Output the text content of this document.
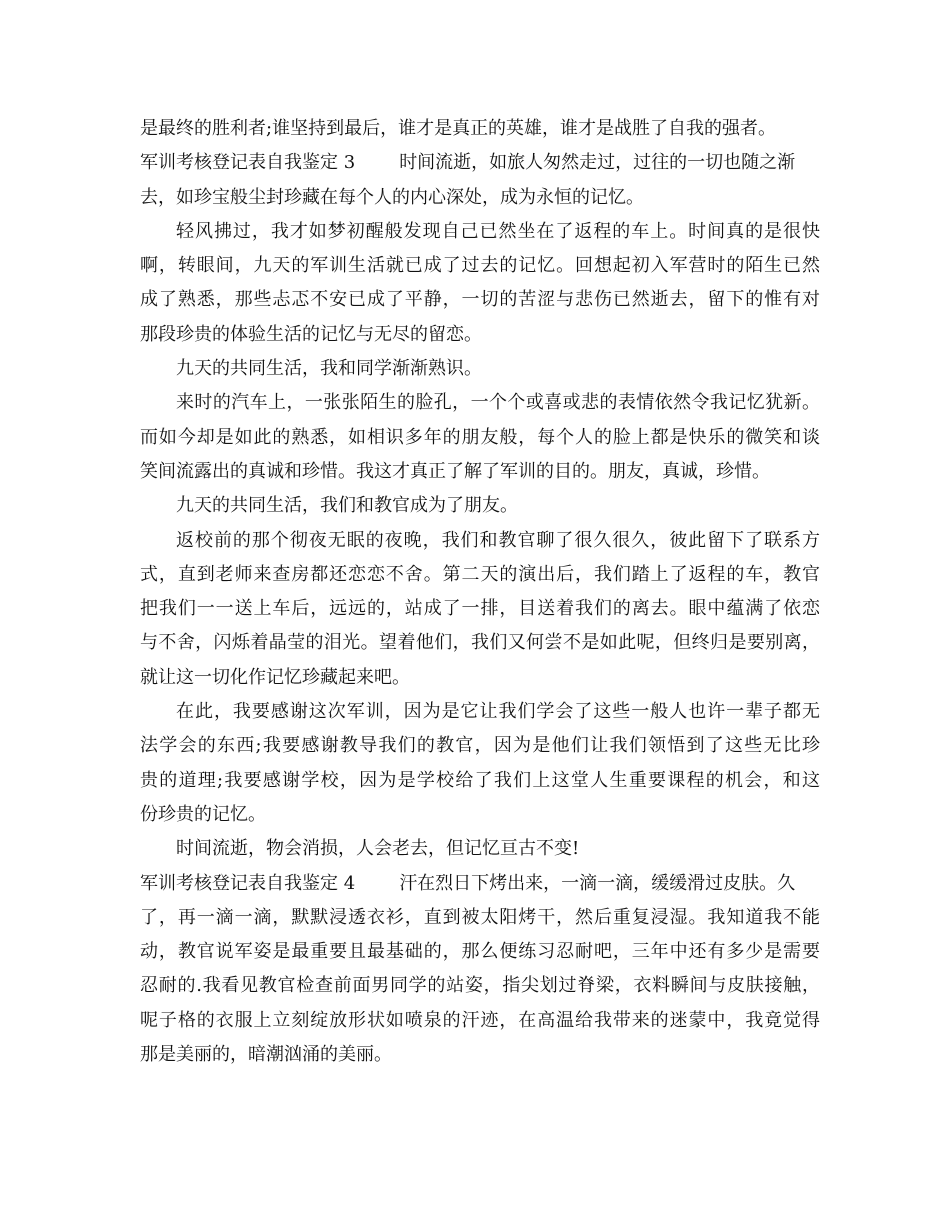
是最终的胜利者;谁坚持到最后，谁才是真正的英雄，谁才是战胜了自我的强者。
军训考核登记表自我鉴定 3 时间流逝，如旅人匆然走过，过往的一切也随之渐
去，如珍宝般尘封珍藏在每个人的内心深处，成为永恒的记忆。
轻风拂过，我才如梦初醒般发现自己已然坐在了返程的车上。时间真的是很快
啊，转眼间，九天的军训生活就已成了过去的记忆。回想起初入军营时的陌生已然
成了熟悉，那些忐忑不安已成了平静，一切的苦涩与悲伤已然逝去，留下的惟有对
那段珍贵的体验生活的记忆与无尽的留恋。
九天的共同生活，我和同学渐渐熟识。
来时的汽车上，一张张陌生的脸孔，一个个或喜或悲的表情依然令我记忆犹新。
而如今却是如此的熟悉，如相识多年的朋友般，每个人的脸上都是快乐的微笑和谈
笑间流露出的真诚和珍惜。我这才真正了解了军训的目的。朋友，真诚，珍惜。
九天的共同生活，我们和教官成为了朋友。
返校前的那个彻夜无眠的夜晚，我们和教官聊了很久很久，彼此留下了联系方
式，直到老师来查房都还恋恋不舍。第二天的演出后，我们踏上了返程的车，教官
把我们一一送上车后，远远的，站成了一排，目送着我们的离去。眼中蕴满了依恋
与不舍，闪烁着晶莹的泪光。望着他们，我们又何尝不是如此呢，但终归是要别离，
就让这一切化作记忆珍藏起来吧。
在此，我要感谢这次军训，因为是它让我们学会了这些一般人也许一辈子都无
法学会的东西;我要感谢教导我们的教官，因为是他们让我们领悟到了这些无比珍
贵的道理;我要感谢学校，因为是学校给了我们上这堂人生重要课程的机会，和这
份珍贵的记忆。
时间流逝，物会消损，人会老去，但记忆亘古不变!
军训考核登记表自我鉴定 4 汗在烈日下烤出来，一滴一滴，缓缓滑过皮肤。久
了，再一滴一滴，默默浸透衣衫，直到被太阳烤干，然后重复浸湿。我知道我不能
动，教官说军姿是最重要且最基础的，那么便练习忍耐吧，三年中还有多少是需要
忍耐的.我看见教官检查前面男同学的站姿，指尖划过脊梁，衣料瞬间与皮肤接触，
呢子格的衣服上立刻绽放形状如喷泉的汗迹，在高温给我带来的迷蒙中，我竟觉得
那是美丽的，暗潮汹涌的美丽。
